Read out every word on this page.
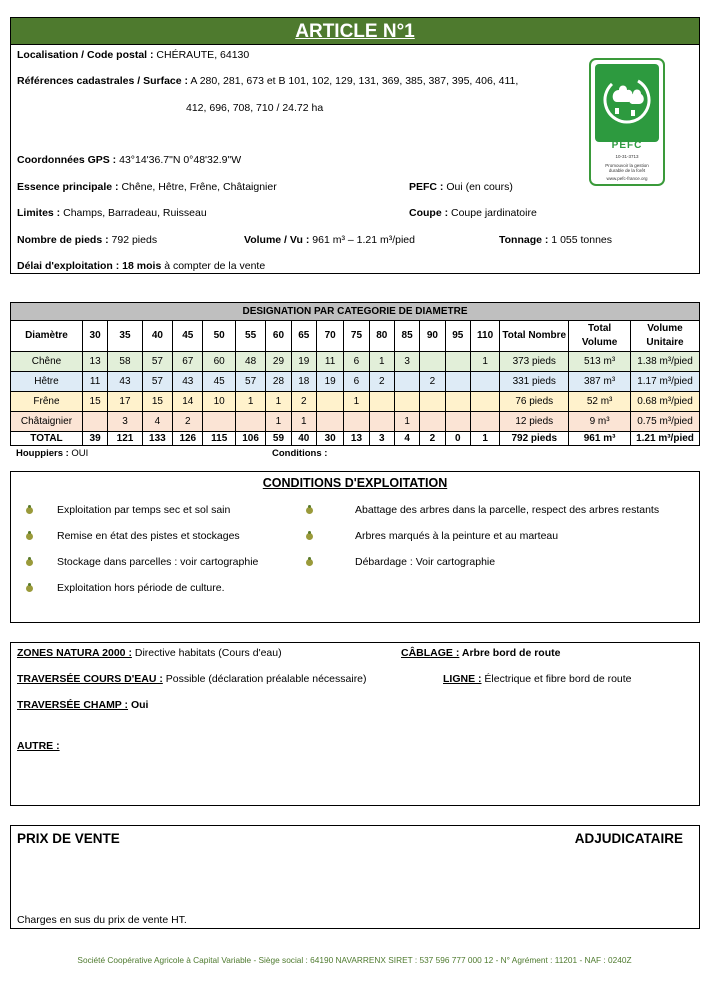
ARTICLE N°1
Localisation / Code postal : CHÉRAUTE, 64130
Références cadastrales / Surface : A 280, 281, 673 et B 101, 102, 129, 131, 369, 385, 387, 395, 406, 411,
412, 696, 708, 710 / 24.72 ha
Coordonnées GPS : 43°14'36.7"N 0°48'32.9"W
Essence principale : Chêne, Hêtre, Frêne, Châtaignier	PEFC : Oui (en cours)
Limites : Champs, Barradeau, Ruisseau	Coupe : Coupe jardinatoire
Nombre de pieds : 792 pieds	Volume / Vu : 961 m³ – 1.21 m³/pied	Tonnage : 1 055 tonnes
Délai d'exploitation : 18 mois à compter de la vente
PEFC
10-31-3713
Promouvoir la gestion
durable de la forêt
www.pefc-france.org
DESIGNATION PAR CATEGORIE DE DIAMETRE																		
Diamètre	30	35	40	45	50	55	60	65	70	75	80	85	90	95	110	Total Nombre	Total Volume	Volume Unitaire
Chêne	13	58	57	67	60	48	29	19	11	6	1	3			1	373 pieds	513 m³	1.38 m³/pied
Hêtre	11	43	57	43	45	57	28	18	19	6	2		2			331 pieds	387 m³	1.17 m³/pied
Frêne	15	17	15	14	10	1	1	2		1						76 pieds	52 m³	0.68 m³/pied
Châtaignier		3	4	2			1	1				1				12 pieds	9 m³	0.75 m³/pied
TOTAL	39	121	133	126	115	106	59	40	30	13	3	4	2	0	1	792 pieds	961 m³	1.21 m³/pied
Houppiers : OUI	Conditions :
CONDITIONS D'EXPLOITATION
Exploitation par temps sec et sol sain
Remise en état des pistes et stockages
Stockage dans parcelles : voir cartographie
Exploitation hors période de culture.
Abattage des arbres dans la parcelle, respect des arbres restants
Arbres marqués à la peinture et au marteau
Débardage : Voir cartographie
ZONES NATURA 2000 : Directive habitats (Cours d'eau)	CÂBLAGE : Arbre bord de route
TRAVERSÉE COURS D'EAU : Possible (déclaration préalable nécessaire)	LIGNE : Électrique et fibre bord de route
TRAVERSÉE CHAMP : Oui
AUTRE :
PRIX DE VENTE	ADJUDICATAIRE
Charges en sus du prix de vente HT.
Société Coopérative Agricole à Capital Variable - Siège social : 64190 NAVARRENX SIRET : 537 596 777 000 12 - N° Agrément : 11201 - NAF : 0240Z
